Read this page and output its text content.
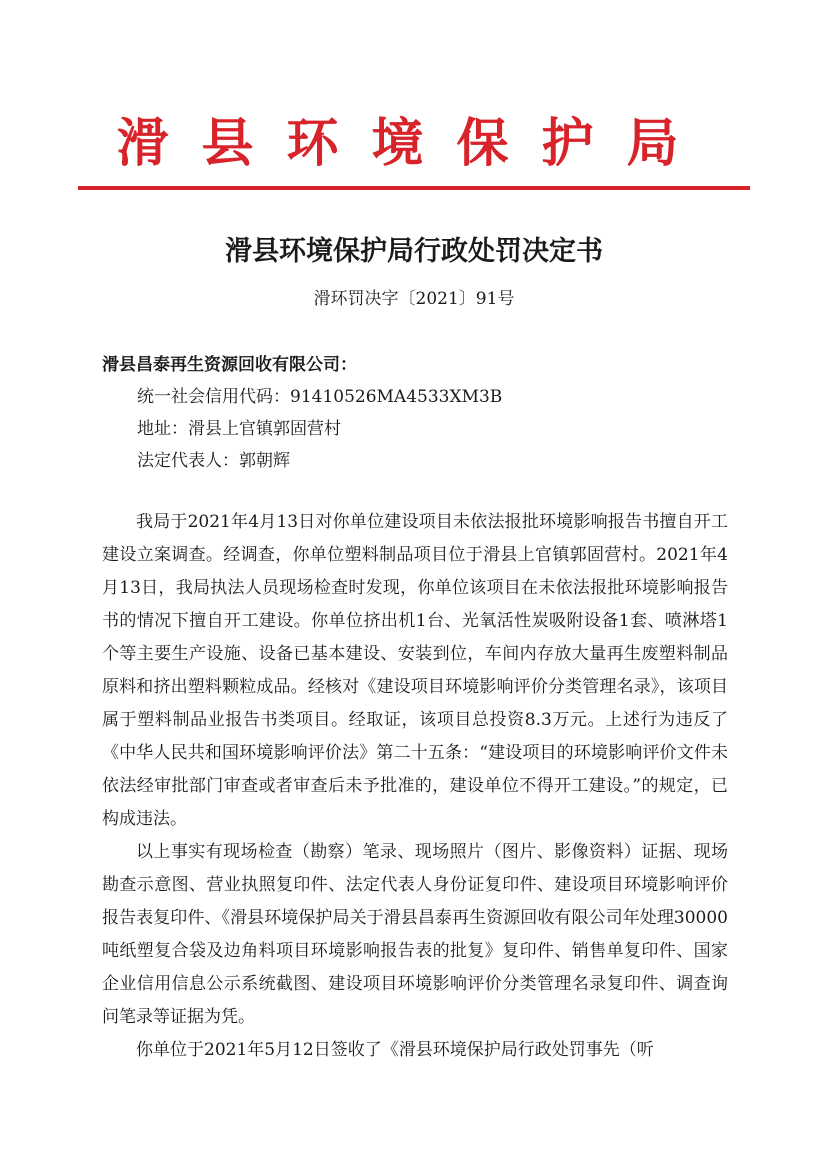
滑县环境保护局
滑县环境保护局行政处罚决定书
滑环罚决字〔2021〕91号
滑县昌泰再生资源回收有限公司：
统一社会信用代码：91410526MA4533XM3B
地址：滑县上官镇郭固营村
法定代表人：郭朝辉

我局于2021年4月13日对你单位建设项目未依法报批环境影响报告书擅自开工建设立案调查。经调查，你单位塑料制品项目位于滑县上官镇郭固营村。2021年4月13日，我局执法人员现场检查时发现，你单位该项目在未依法报批环境影响报告书的情况下擅自开工建设。你单位挤出机1台、光氧活性炭吸附设备1套、喷淋塔1个等主要生产设施、设备已基本建设、安装到位，车间内存放大量再生废塑料制品原料和挤出塑料颗粒成品。经核对《建设项目环境影响评价分类管理名录》，该项目属于塑料制品业报告书类项目。经取证，该项目总投资8.3万元。上述行为违反了《中华人民共和国环境影响评价法》第二十五条：“建设项目的环境影响评价文件未依法经审批部门审查或者审查后未予批准的，建设单位不得开工建设。”的规定，已构成违法。

以上事实有现场检查（勘察）笔录、现场照片（图片、影像资料）证据、现场勘查示意图、营业执照复印件、法定代表人身份证复印件、建设项目环境影响评价报告表复印件、《滑县环境保护局关于滑县昌泰再生资源回收有限公司年处理30000吨纸塑复合袋及边角料项目环境影响报告表的批复》复印件、销售单复印件、国家企业信用信息公示系统截图、建设项目环境影响评价分类管理名录复印件、调查询问笔录等证据为凭。

你单位于2021年5月12日签收了《滑县环境保护局行政处罚事先（听
